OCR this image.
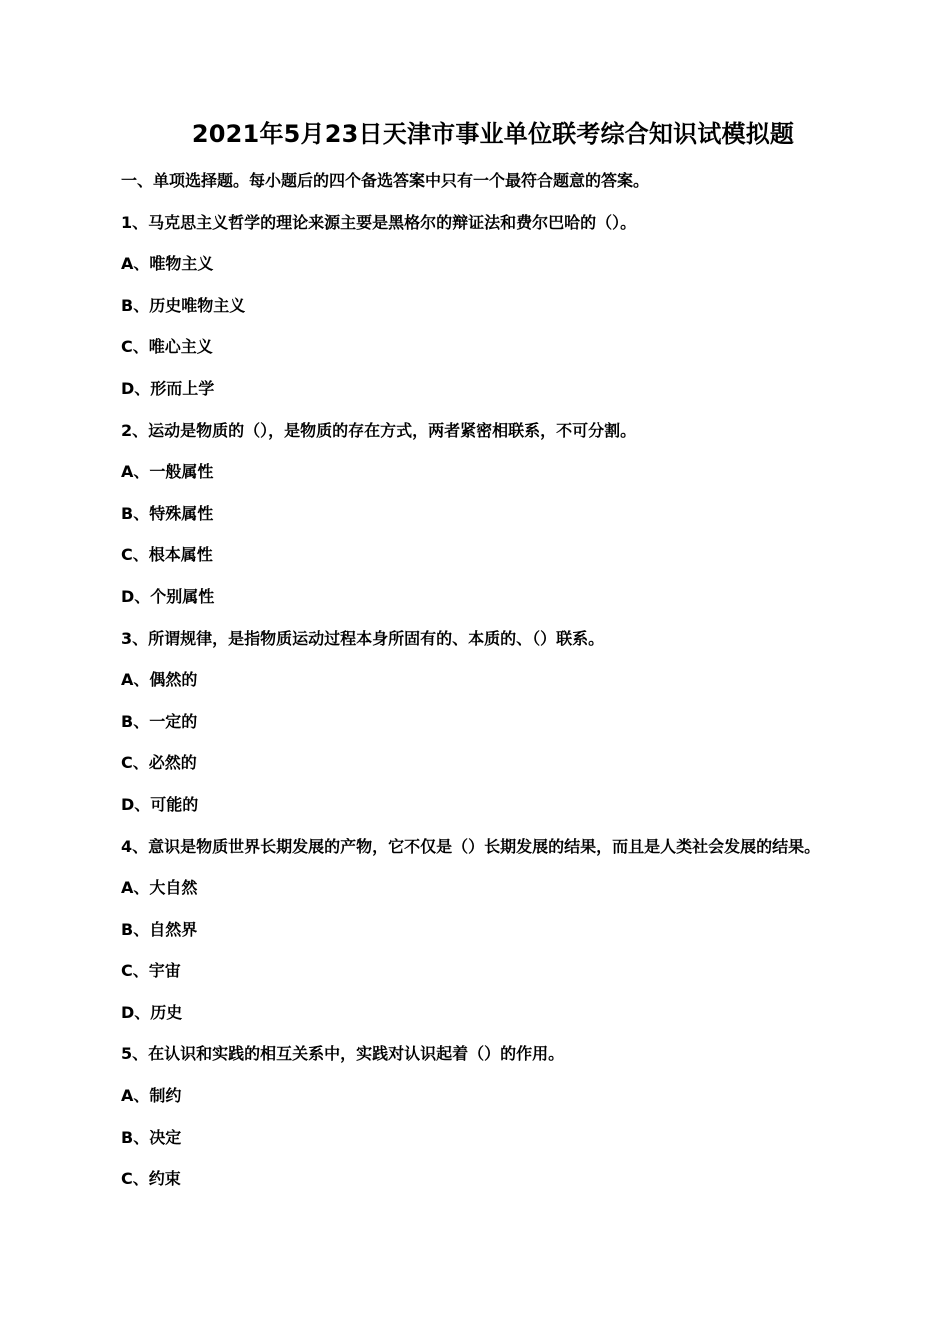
2021年5月23日天津市事业单位联考综合知识试模拟题
一、单项选择题。每小题后的四个备选答案中只有一个最符合题意的答案。
1、马克思主义哲学的理论来源主要是黑格尔的辩证法和费尔巴哈的（）。
A、唯物主义
B、历史唯物主义
C、唯心主义
D、形而上学
2、运动是物质的（），是物质的存在方式，两者紧密相联系，不可分割。
A、一般属性
B、特殊属性
C、根本属性
D、个别属性
3、所谓规律，是指物质运动过程本身所固有的、本质的、（）联系。
A、偶然的
B、一定的
C、必然的
D、可能的
4、意识是物质世界长期发展的产物，它不仅是（）长期发展的结果，而且是人类社会发展的结果。
A、大自然
B、自然界
C、宇宙
D、历史
5、在认识和实践的相互关系中，实践对认识起着（）的作用。
A、制约
B、决定
C、约束
